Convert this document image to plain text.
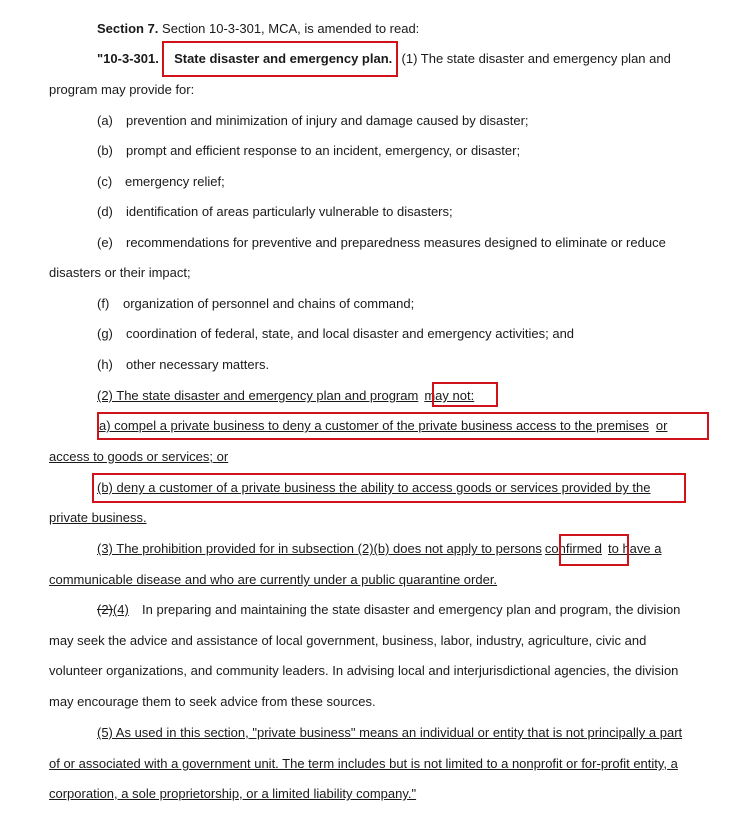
Section 7. Section 10-3-301, MCA, is amended to read:
"10-3-301. State disaster and emergency plan. (1) The state disaster and emergency plan and
program may provide for:
(a) prevention and minimization of injury and damage caused by disaster;
(b) prompt and efficient response to an incident, emergency, or disaster;
(c) emergency relief;
(d) identification of areas particularly vulnerable to disasters;
(e) recommendations for preventive and preparedness measures designed to eliminate or reduce
disasters or their impact;
(f) organization of personnel and chains of command;
(g) coordination of federal, state, and local disaster and emergency activities; and
(h) other necessary matters.
(2) The state disaster and emergency plan and program may not:
a) compel a private business to deny a customer of the private business access to the premises or
access to goods or services; or
(b) deny a customer of a private business the ability to access goods or services provided by the
private business.
(3) The prohibition provided for in subsection (2)(b) does not apply to persons confirmed to have a
communicable disease and who are currently under a public quarantine order.
(2)(4) In preparing and maintaining the state disaster and emergency plan and program, the division
may seek the advice and assistance of local government, business, labor, industry, agriculture, civic and
volunteer organizations, and community leaders. In advising local and interjurisdictional agencies, the division
may encourage them to seek advice from these sources.
(5) As used in this section, "private business" means an individual or entity that is not principally a part
of or associated with a government unit. The term includes but is not limited to a nonprofit or for-profit entity, a
corporation, a sole proprietorship, or a limited liability company."
